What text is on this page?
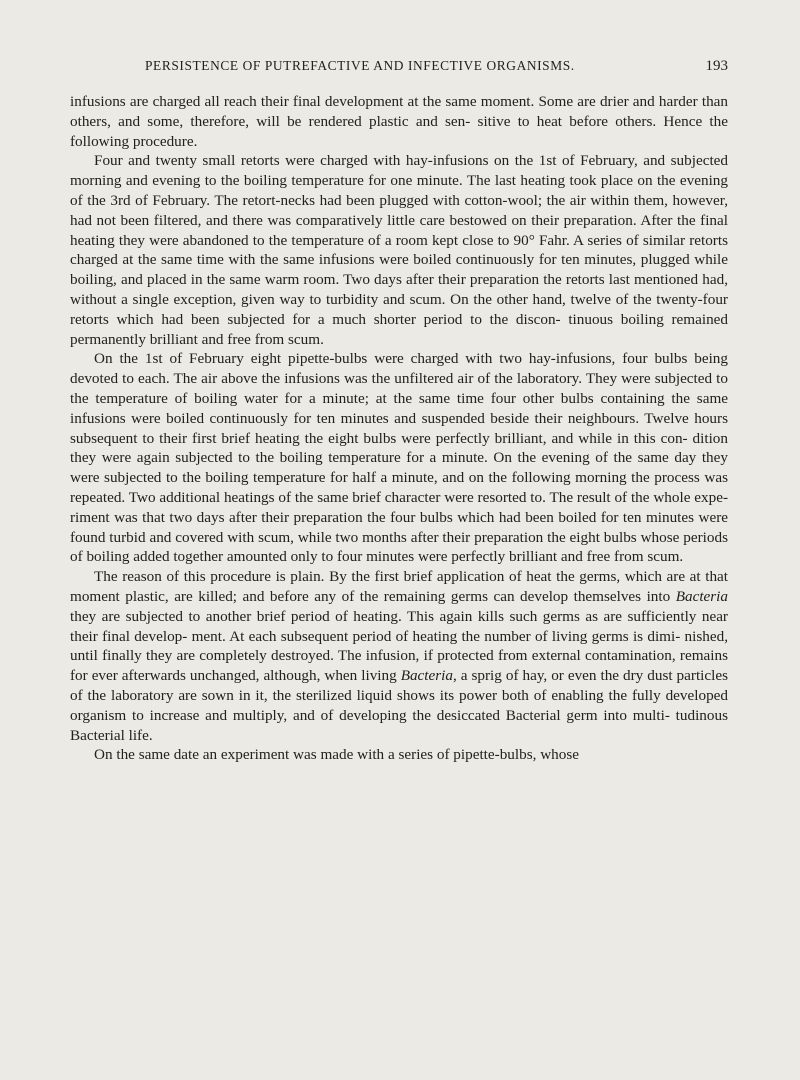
PERSISTENCE OF PUTREFACTIVE AND INFECTIVE ORGANISMS.	193

infusions are charged all reach their final development at the same moment. Some are drier and harder than others, and some, therefore, will be rendered plastic and sen- sitive to heat before others. Hence the following procedure.

Four and twenty small retorts were charged with hay-infusions on the 1st of February, and subjected morning and evening to the boiling temperature for one minute. The last heating took place on the evening of the 3rd of February. The retort-necks had been plugged with cotton-wool; the air within them, however, had not been filtered, and there was comparatively little care bestowed on their preparation. After the final heating they were abandoned to the temperature of a room kept close to 90° Fahr. A series of similar retorts charged at the same time with the same infusions were boiled continuously for ten minutes, plugged while boiling, and placed in the same warm room. Two days after their preparation the retorts last mentioned had, without a single exception, given way to turbidity and scum. On the other hand, twelve of the twenty-four retorts which had been subjected for a much shorter period to the discon- tinuous boiling remained permanently brilliant and free from scum.

On the 1st of February eight pipette-bulbs were charged with two hay-infusions, four bulbs being devoted to each. The air above the infusions was the unfiltered air of the laboratory. They were subjected to the temperature of boiling water for a minute; at the same time four other bulbs containing the same infusions were boiled continuously for ten minutes and suspended beside their neighbours. Twelve hours subsequent to their first brief heating the eight bulbs were perfectly brilliant, and while in this con- dition they were again subjected to the boiling temperature for a minute. On the evening of the same day they were subjected to the boiling temperature for half a minute, and on the following morning the process was repeated. Two additional heatings of the same brief character were resorted to. The result of the whole expe- riment was that two days after their preparation the four bulbs which had been boiled for ten minutes were found turbid and covered with scum, while two months after their preparation the eight bulbs whose periods of boiling added together amounted only to four minutes were perfectly brilliant and free from scum.

The reason of this procedure is plain. By the first brief application of heat the germs, which are at that moment plastic, are killed; and before any of the remaining germs can develop themselves into Bacteria they are subjected to another brief period of heating. This again kills such germs as are sufficiently near their final develop- ment. At each subsequent period of heating the number of living germs is dimi- nished, until finally they are completely destroyed. The infusion, if protected from external contamination, remains for ever afterwards unchanged, although, when living Bacteria, a sprig of hay, or even the dry dust particles of the laboratory are sown in it, the sterilized liquid shows its power both of enabling the fully developed organism to increase and multiply, and of developing the desiccated Bacterial germ into multi- tudinous Bacterial life.

On the same date an experiment was made with a series of pipette-bulbs, whose
